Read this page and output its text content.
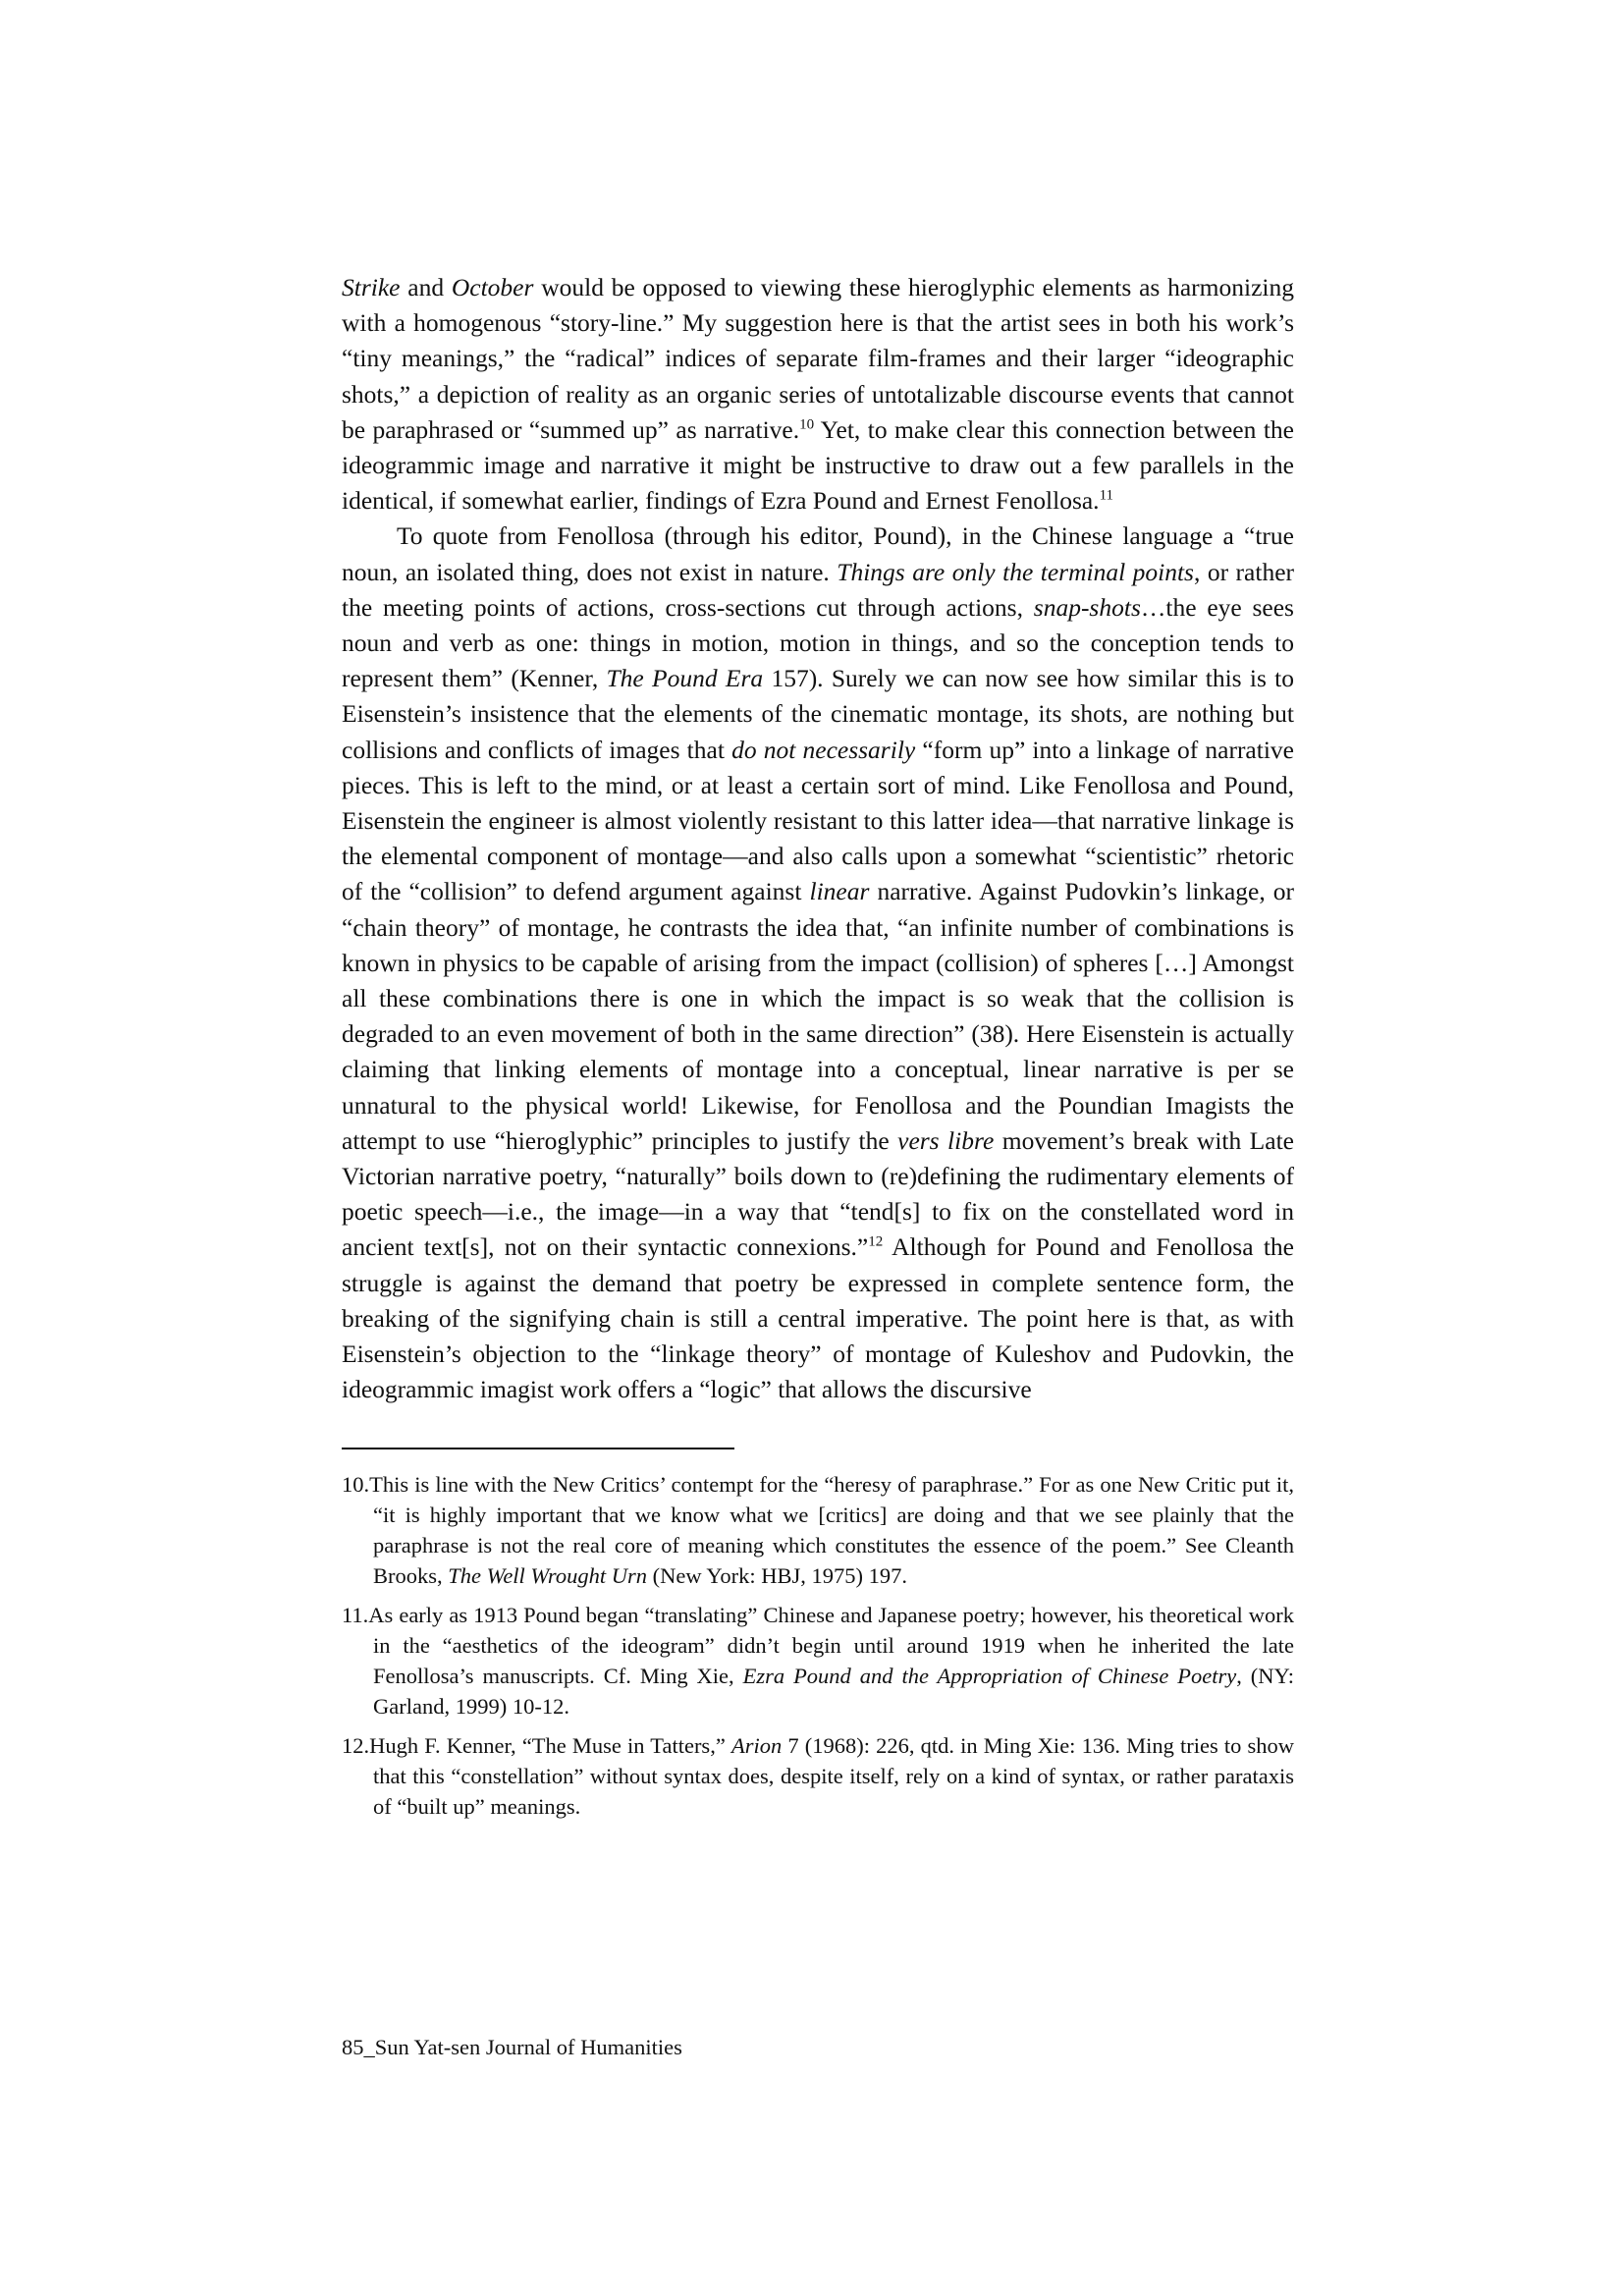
Strike and October would be opposed to viewing these hieroglyphic elements as harmonizing with a homogenous “story-line.” My suggestion here is that the artist sees in both his work’s “tiny meanings,” the “radical” indices of separate film-frames and their larger “ideographic shots,” a depiction of reality as an organic series of untotalizable discourse events that cannot be paraphrased or “summed up” as narrative.$^{10}$ Yet, to make clear this connection between the ideogrammic image and narrative it might be instructive to draw out a few parallels in the identical, if somewhat earlier, findings of Ezra Pound and Ernest Fenollosa.$^{11}$

To quote from Fenollosa (through his editor, Pound), in the Chinese language a “true noun, an isolated thing, does not exist in nature. Things are only the terminal points, or rather the meeting points of actions, cross-sections cut through actions, snap-shots…the eye sees noun and verb as one: things in motion, motion in things, and so the conception tends to represent them” (Kenner, The Pound Era 157). Surely we can now see how similar this is to Eisenstein’s insistence that the elements of the cinematic montage, its shots, are nothing but collisions and conflicts of images that do not necessarily “form up” into a linkage of narrative pieces. This is left to the mind, or at least a certain sort of mind. Like Fenollosa and Pound, Eisenstein the engineer is almost violently resistant to this latter idea—that narrative linkage is the elemental component of montage—and also calls upon a somewhat “scientistic” rhetoric of the “collision” to defend argument against linear narrative. Against Pudovkin’s linkage, or “chain theory” of montage, he contrasts the idea that, “an infinite number of combinations is known in physics to be capable of arising from the impact (collision) of spheres […] Amongst all these combinations there is one in which the impact is so weak that the collision is degraded to an even movement of both in the same direction” (38). Here Eisenstein is actually claiming that linking elements of montage into a conceptual, linear narrative is per se unnatural to the physical world! Likewise, for Fenollosa and the Poundian Imagists the attempt to use “hieroglyphic” principles to justify the vers libre movement’s break with Late Victorian narrative poetry, “naturally” boils down to (re)defining the rudimentary elements of poetic speech—i.e., the image—in a way that “tend[s] to fix on the constellated word in ancient text[s], not on their syntactic connexions.”$^{12}$ Although for Pound and Fenollosa the struggle is against the demand that poetry be expressed in complete sentence form, the breaking of the signifying chain is still a central imperative. The point here is that, as with Eisenstein’s objection to the “linkage theory” of montage of Kuleshov and Pudovkin, the ideogrammic imagist work offers a “logic” that allows the discursive

10.This is line with the New Critics’ contempt for the “heresy of paraphrase.” For as one New Critic put it, “it is highly important that we know what we [critics] are doing and that we see plainly that the paraphrase is not the real core of meaning which constitutes the essence of the poem.” See Cleanth Brooks, The Well Wrought Urn (New York: HBJ, 1975) 197.

11.As early as 1913 Pound began “translating” Chinese and Japanese poetry; however, his theoretical work in the “aesthetics of the ideogram” didn’t begin until around 1919 when he inherited the late Fenollosa’s manuscripts. Cf. Ming Xie, Ezra Pound and the Appropriation of Chinese Poetry, (NY: Garland, 1999) 10-12.

12.Hugh F. Kenner, “The Muse in Tatters,” Arion 7 (1968): 226, qtd. in Ming Xie: 136. Ming tries to show that this “constellation” without syntax does, despite itself, rely on a kind of syntax, or rather parataxis of “built up” meanings.

85_Sun Yat-sen Journal of Humanities
